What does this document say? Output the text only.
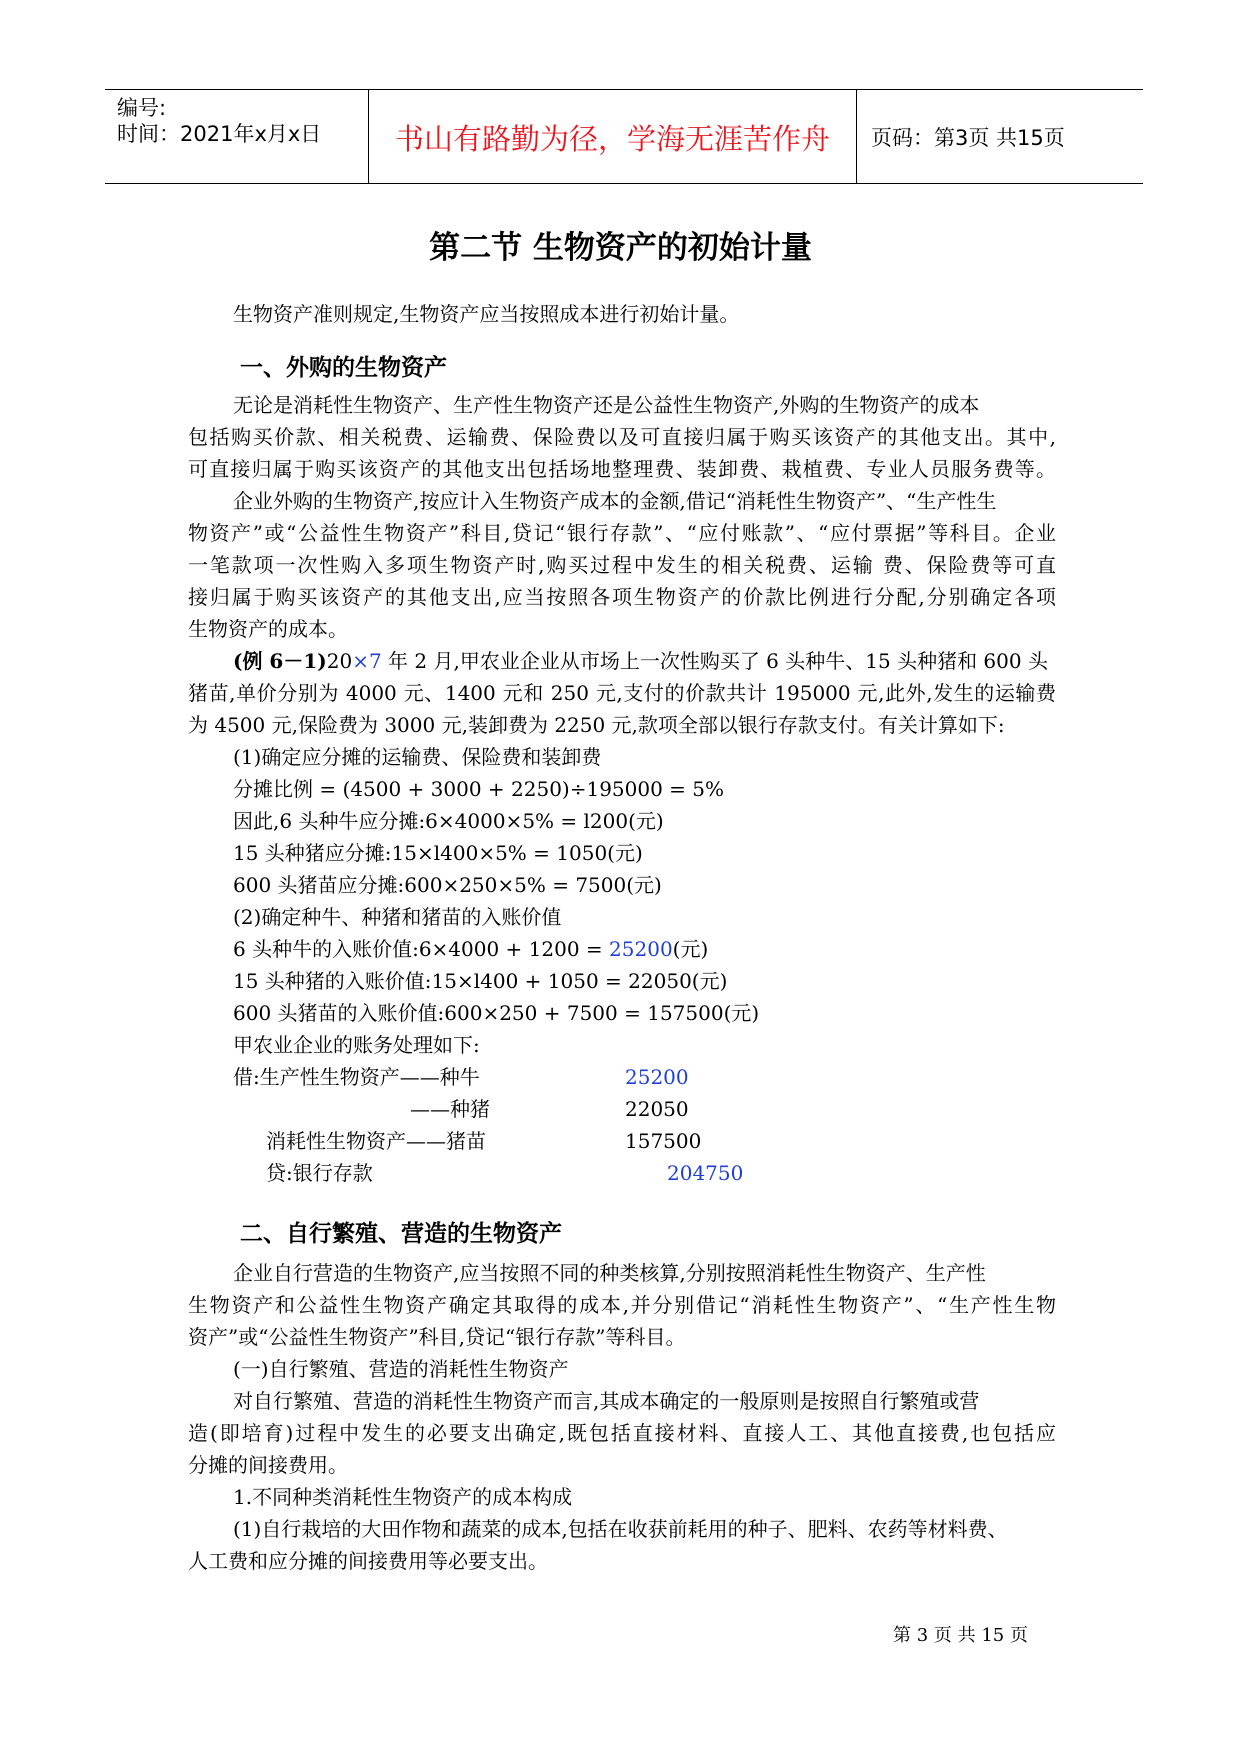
编号:
时间：2021年x月x日	书山有路勤为径，学海无涯苦作舟	页码：第3页 共15页
第二节 生物资产的初始计量
生物资产准则规定,生物资产应当按照成本进行初始计量。
一、外购的生物资产
无论是消耗性生物资产、生产性生物资产还是公益性生物资产,外购的生物资产的成本
包括购买价款、相关税费、运输费、保险费以及可直接归属于购买该资产的其他支出。其中,
可直接归属于购买该资产的其他支出包括场地整理费、装卸费、栽植费、专业人员服务费等。
企业外购的生物资产,按应计入生物资产成本的金额,借记“消耗性生物资产”、“生产性生
物资产”或“公益性生物资产”科目,贷记“银行存款”、“应付账款”、“应付票据”等科目。企业
一笔款项一次性购入多项生物资产时,购买过程中发生的相关税费、运输 费、保险费等可直
接归属于购买该资产的其他支出,应当按照各项生物资产的价款比例进行分配,分别确定各项
生物资产的成本。
(例 6－1)20×7 年 2 月,甲农业企业从市场上一次性购买了 6 头种牛、15 头种猪和 600 头
猪苗,单价分别为 4000 元、1400 元和 250 元,支付的价款共计 195000 元,此外,发生的运输费
为 4500 元,保险费为 3000 元,装卸费为 2250 元,款项全部以银行存款支付。有关计算如下:
(1)确定应分摊的运输费、保险费和装卸费
分摊比例 = (4500 + 3000 + 2250)÷195000 = 5%
因此,6 头种牛应分摊:6×4000×5% = l200(元)
15 头种猪应分摊:15×l400×5% = 1050(元)
600 头猪苗应分摊:600×250×5% = 7500(元)
(2)确定种牛、种猪和猪苗的入账价值
6 头种牛的入账价值:6×4000 + 1200 = 25200(元)
15 头种猪的入账价值:15×l400 + 1050 = 22050(元)
600 头猪苗的入账价值:600×250 + 7500 = 157500(元)
甲农业企业的账务处理如下:
借:生产性生物资产——种牛	25200
——种猪	22050
消耗性生物资产——猪苗	157500
贷:银行存款	204750
二、自行繁殖、营造的生物资产
企业自行营造的生物资产,应当按照不同的种类核算,分别按照消耗性生物资产、生产性
生物资产和公益性生物资产确定其取得的成本,并分别借记“消耗性生物资产”、“生产性生物
资产”或“公益性生物资产”科目,贷记“银行存款”等科目。
(一)自行繁殖、营造的消耗性生物资产
对自行繁殖、营造的消耗性生物资产而言,其成本确定的一般原则是按照自行繁殖或营
造(即培育)过程中发生的必要支出确定,既包括直接材料、直接人工、其他直接费,也包括应
分摊的间接费用。
1.不同种类消耗性生物资产的成本构成
(1)自行栽培的大田作物和蔬菜的成本,包括在收获前耗用的种子、肥料、农药等材料费、
人工费和应分摊的间接费用等必要支出。
第 3 页 共 15 页
